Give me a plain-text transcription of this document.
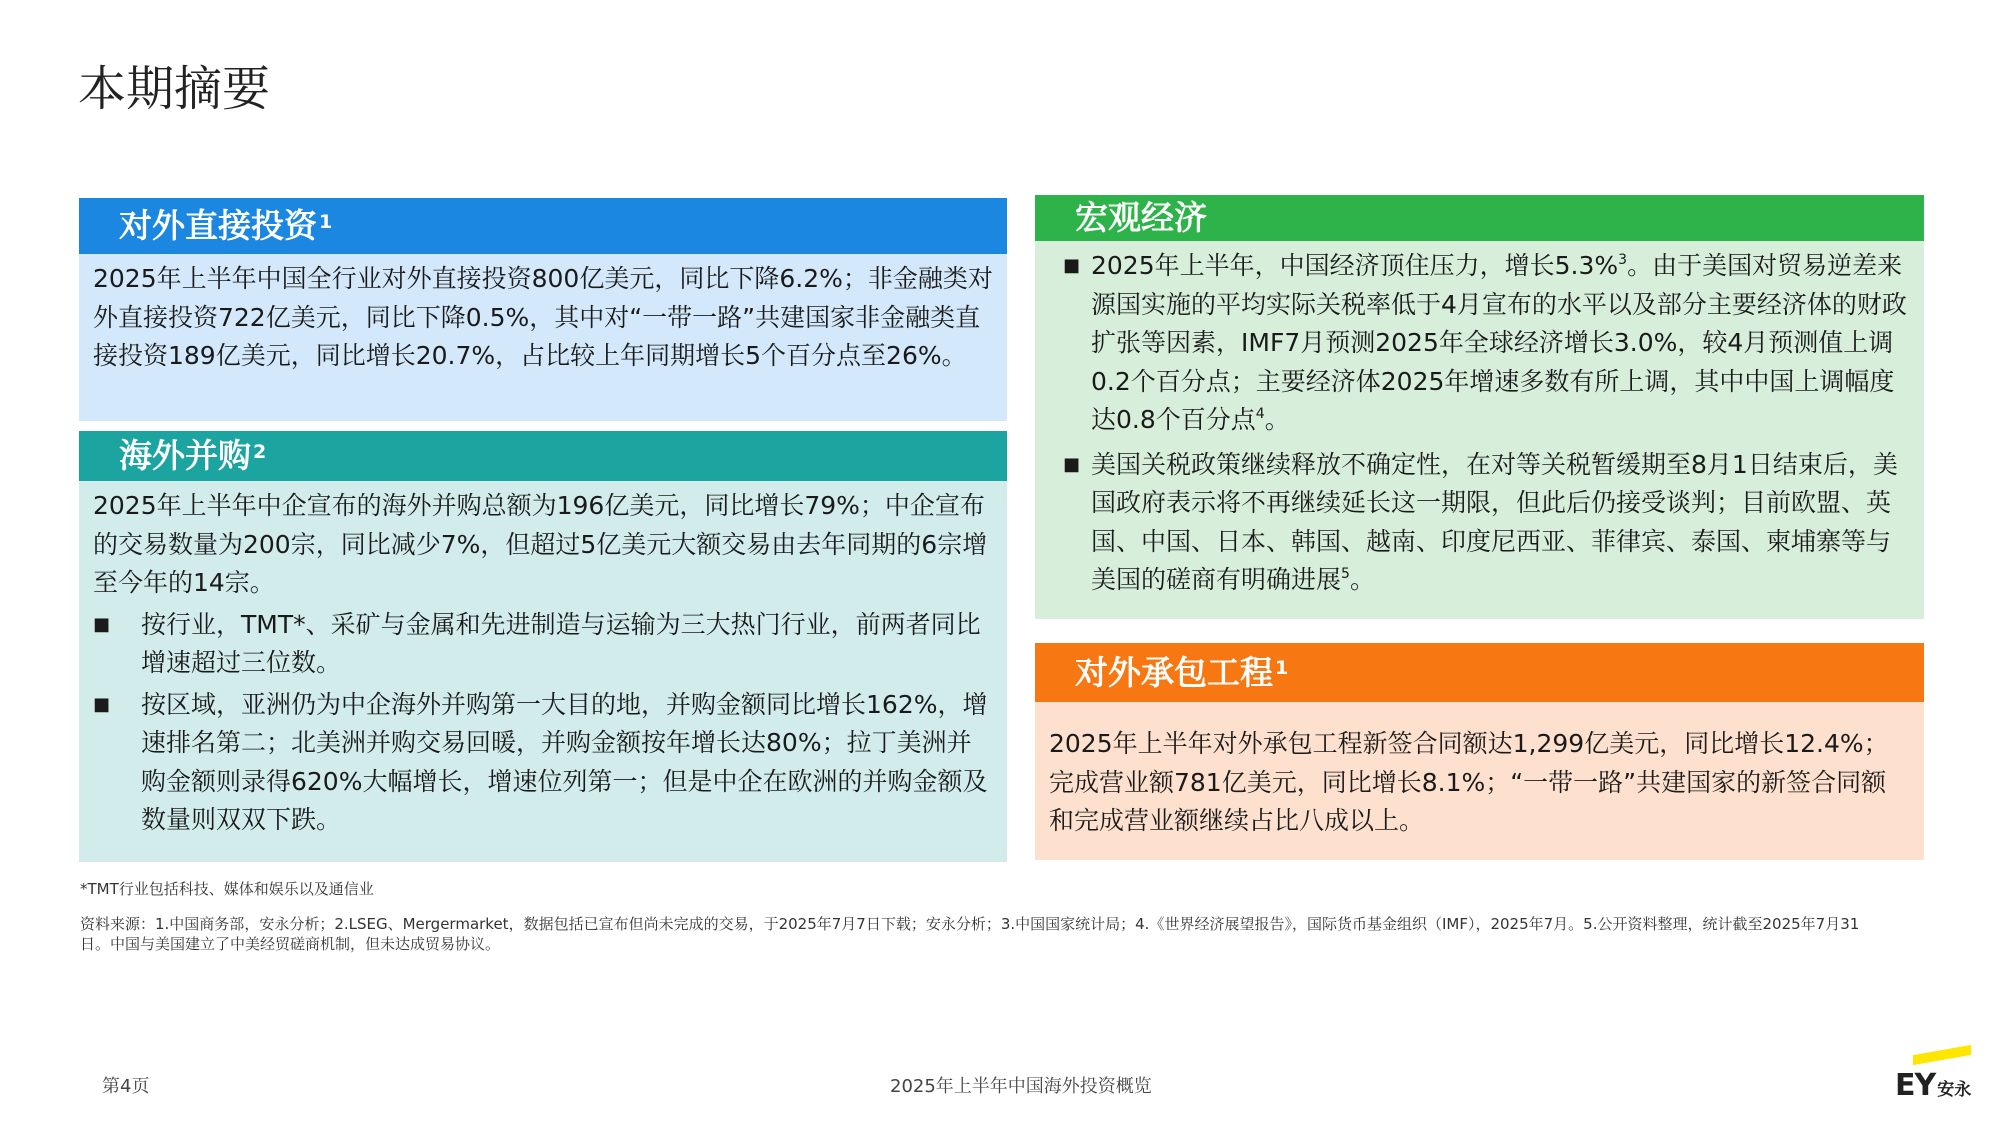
本期摘要
对外直接投资 $^1$
2025年上半年中国全行业对外直接投资800亿美元，同比下降6.2%；非金融类对外直接投资722亿美元，同比下降0.5%，其中对“一带一路”共建国家非金融类直接投资189亿美元，同比增长20.7%，占比较上年同期增长5个百分点至26%。
海外并购 $^2$
2025年上半年中企宣布的海外并购总额为196亿美元，同比增长79%；中企宣布的交易数量为200宗，同比减少7%，但超过5亿美元大额交易由去年同期的6宗增至今年的14宗。
■ 按行业，TMT*、采矿与金属和先进制造与运输为三大热门行业，前两者同比增速超过三位数。
■ 按区域，亚洲仍为中企海外并购第一大目的地，并购金额同比增长162%，增速排名第二；北美洲并购交易回暖，并购金额按年增长达80%；拉丁美洲并购金额则录得620%大幅增长，增速位列第一；但是中企在欧洲的并购金额及数量则双双下跌。
宏观经济
■ 2025年上半年，中国经济顶住压力，增长5.3%$^3$。由于美国对贸易逆差来源国实施的平均实际关税率低于4月宣布的水平以及部分主要经济体的财政扩张等因素，IMF7月预测2025年全球经济增长3.0%，较4月预测值上调0.2个百分点；主要经济体2025年增速多数有所上调，其中中国上调幅度达0.8个百分点$^4$。
■ 美国关税政策继续释放不确定性，在对等关税暂缓期至8月1日结束后，美国政府表示将不再继续延长这一期限，但此后仍接受谈判；目前欧盟、英国、中国、日本、韩国、越南、印度尼西亚、菲律宾、泰国、柬埔寨等与美国的磋商有明确进展$^5$。
对外承包工程 $^1$
2025年上半年对外承包工程新签合同额达1,299亿美元，同比增长12.4%；完成营业额781亿美元，同比增长8.1%；“一带一路”共建国家的新签合同额和完成营业额继续占比八成以上。
*TMT行业包括科技、媒体和娱乐以及通信业
资料来源：1.中国商务部，安永分析；2.LSEG、Mergermarket，数据包括已宣布但尚未完成的交易，于2025年7月7日下载；安永分析；3.中国国家统计局；4.《世界经济展望报告》，国际货币基金组织（IMF），2025年7月。5.公开资料整理，统计截至2025年7月31日。中国与美国建立了中美经贸磋商机制，但未达成贸易协议。
第4页	2025年上半年中国海外投资概览	EY 安永
